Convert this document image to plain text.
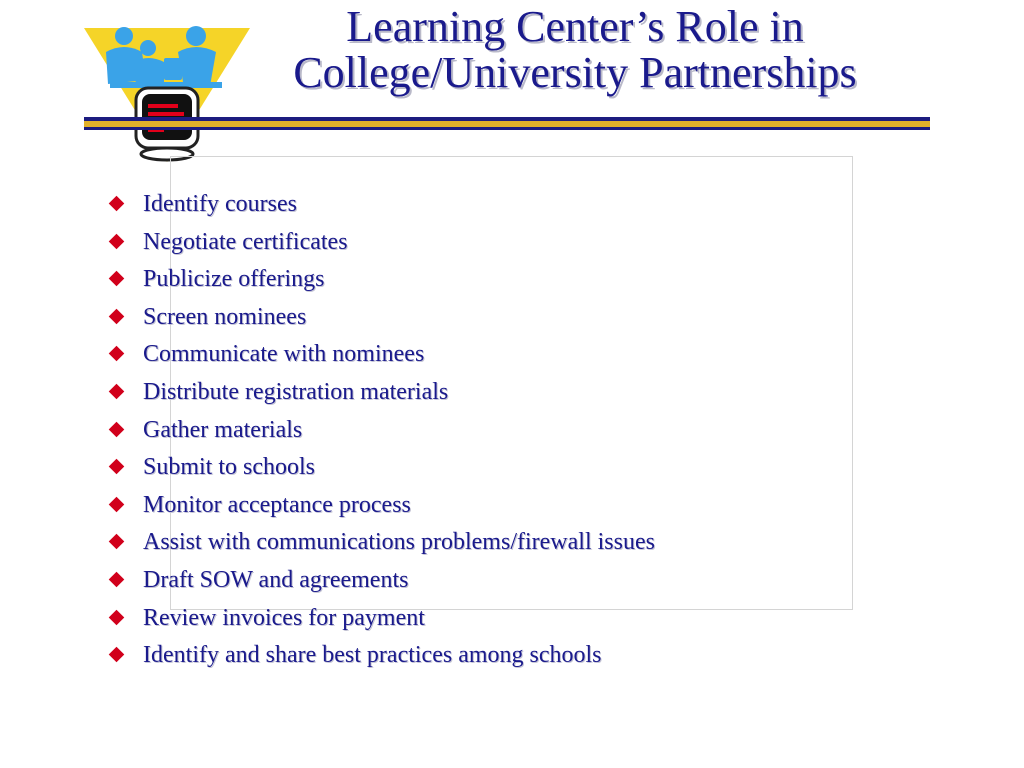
Learning Center’s Role in
College/University Partnerships
Identify courses
Negotiate certificates
Publicize offerings
Screen nominees
Communicate with nominees
Distribute registration materials
Gather materials
Submit to schools
Monitor acceptance process
Assist with communications problems/firewall issues
Draft SOW and agreements
Review invoices for payment
Identify and share best practices among schools
